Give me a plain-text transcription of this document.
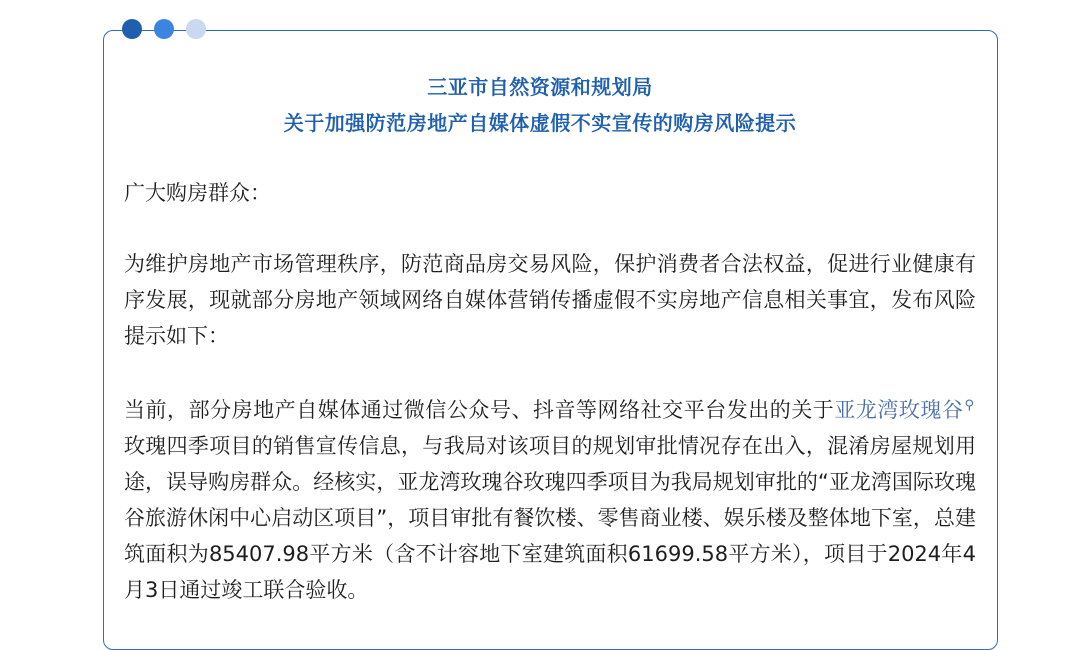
三亚市自然资源和规划局
关于加强防范房地产自媒体虚假不实宣传的购房风险提示

广大购房群众：

为维护房地产市场管理秩序，防范商品房交易风险，保护消费者合法权益，促进行业健康有序发展，现就部分房地产领域网络自媒体营销传播虚假不实房地产信息相关事宜，发布风险提示如下：

当前，部分房地产自媒体通过微信公众号、抖音等网络社交平台发出的关于亚龙湾玫瑰谷⚲玫瑰四季项目的销售宣传信息，与我局对该项目的规划审批情况存在出入，混淆房屋规划用途，误导购房群众。经核实，亚龙湾玫瑰谷玫瑰四季项目为我局规划审批的“亚龙湾国际玫瑰谷旅游休闲中心启动区项目”，项目审批有餐饮楼、零售商业楼、娱乐楼及整体地下室，总建筑面积为85407.98平方米（含不计容地下室建筑面积61699.58平方米），项目于2024年4月3日通过竣工联合验收。
